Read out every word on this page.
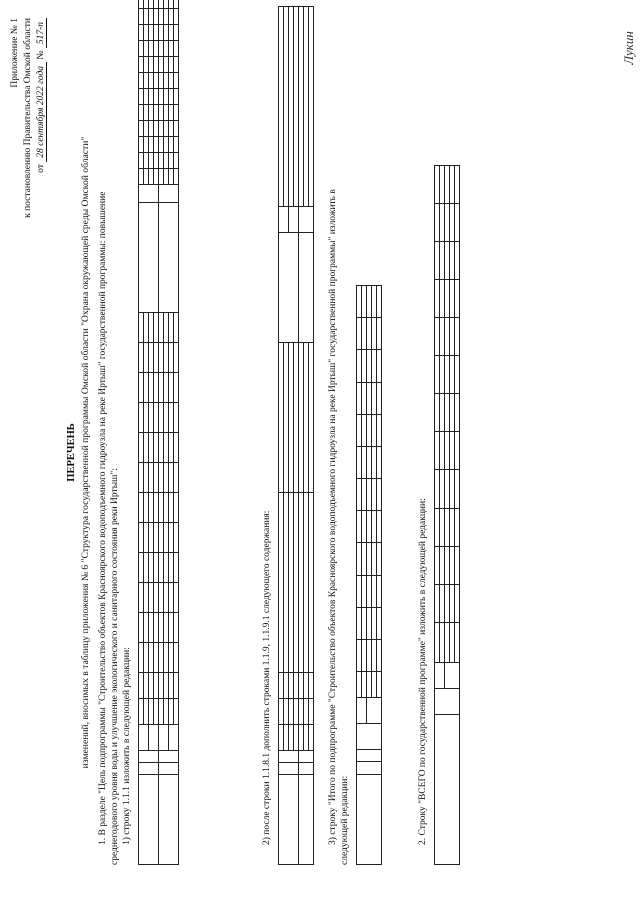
Лукин
Приложение № 1 к постановлению Правительства Омской области от 28 сентября 2022 года № 517-п
ПЕРЕЧЕНЬ изменений, вносимых в таблицу приложения № 6 "Структура государственной программы Омской области "Охрана окружающей среды Омской области" 1. В разделе "Цель подпрограммы "Строительство объектов Красноярского водоподъемного гидроузла на реке Иртыш" государственной программы: повышение среднегодового уровня воды и улучшение экологического и санитарного состояния реки Иртыш": 1) строку 1.1.1 изложить в следующей редакции:

																										2) после строки 1.1.8.1 дополнить строками 1.1.9, 1.1.9.1 следующего содержания:

						3) строку "Итого по подпрограмме "Строительство объектов Красноярского водоподъемного гидроузла на реке Иртыш" государственной программы" изложить в следующей редакции:

													2. Строку "ВСЕГО по государственной программе" изложить в следующей редакции:
